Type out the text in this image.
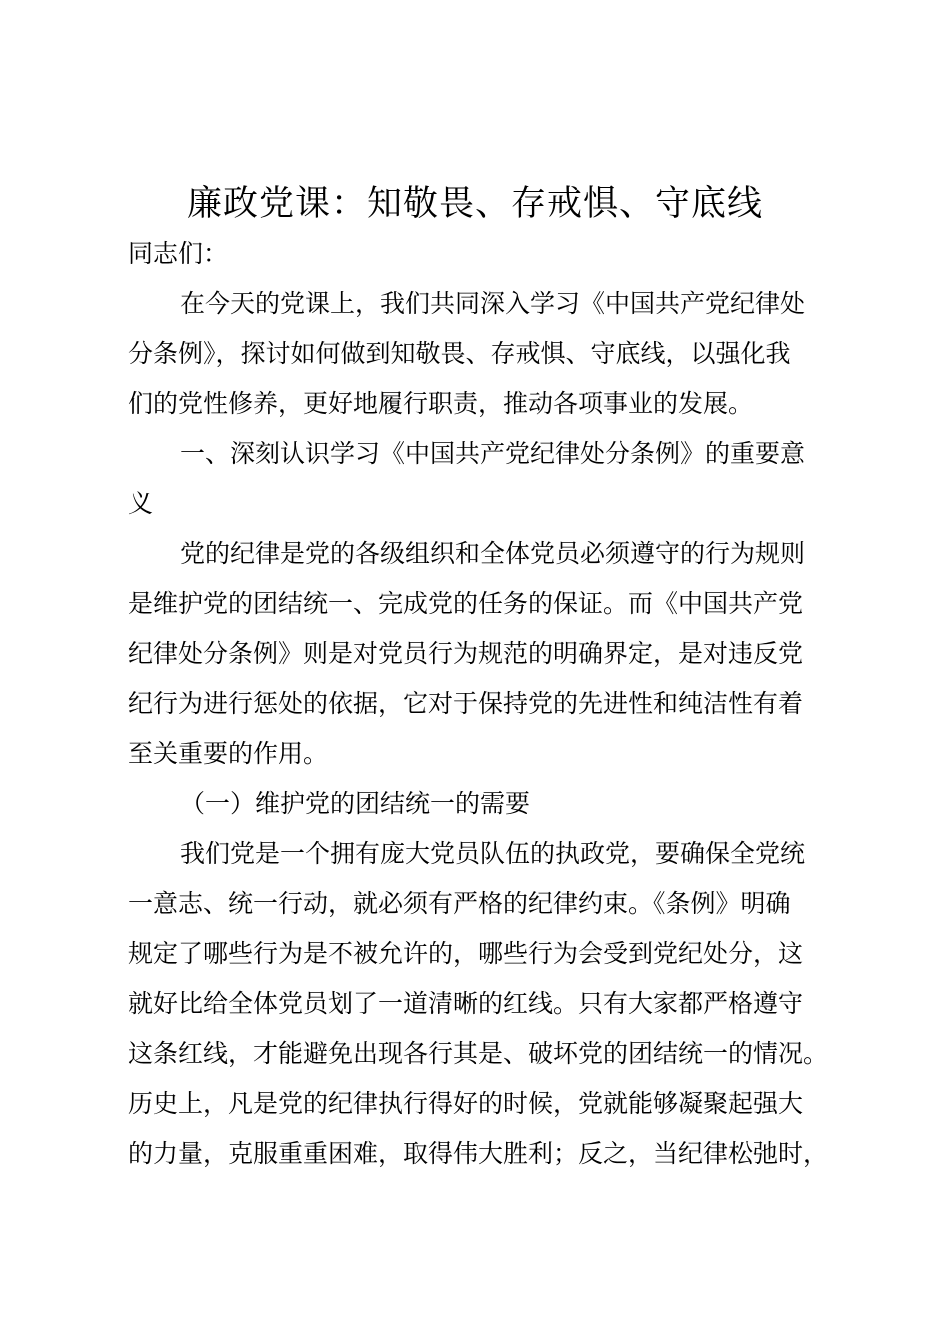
廉政党课：知敬畏、存戒惧、守底线
同志们：
在今天的党课上，我们共同深入学习《中国共产党纪律处
分条例》，探讨如何做到知敬畏、存戒惧、守底线，以强化我
们的党性修养，更好地履行职责，推动各项事业的发展。
一、深刻认识学习《中国共产党纪律处分条例》的重要意
义
党的纪律是党的各级组织和全体党员必须遵守的行为规则
是维护党的团结统一、完成党的任务的保证。而《中国共产党
纪律处分条例》则是对党员行为规范的明确界定，是对违反党
纪行为进行惩处的依据，它对于保持党的先进性和纯洁性有着
至关重要的作用。
（一）维护党的团结统一的需要
我们党是一个拥有庞大党员队伍的执政党，要确保全党统
一意志、统一行动，就必须有严格的纪律约束。《条例》明确
规定了哪些行为是不被允许的，哪些行为会受到党纪处分，这
就好比给全体党员划了一道清晰的红线。只有大家都严格遵守
这条红线，才能避免出现各行其是、破坏党的团结统一的情况。
历史上，凡是党的纪律执行得好的时候，党就能够凝聚起强大
的力量，克服重重困难，取得伟大胜利；反之，当纪律松弛时，
